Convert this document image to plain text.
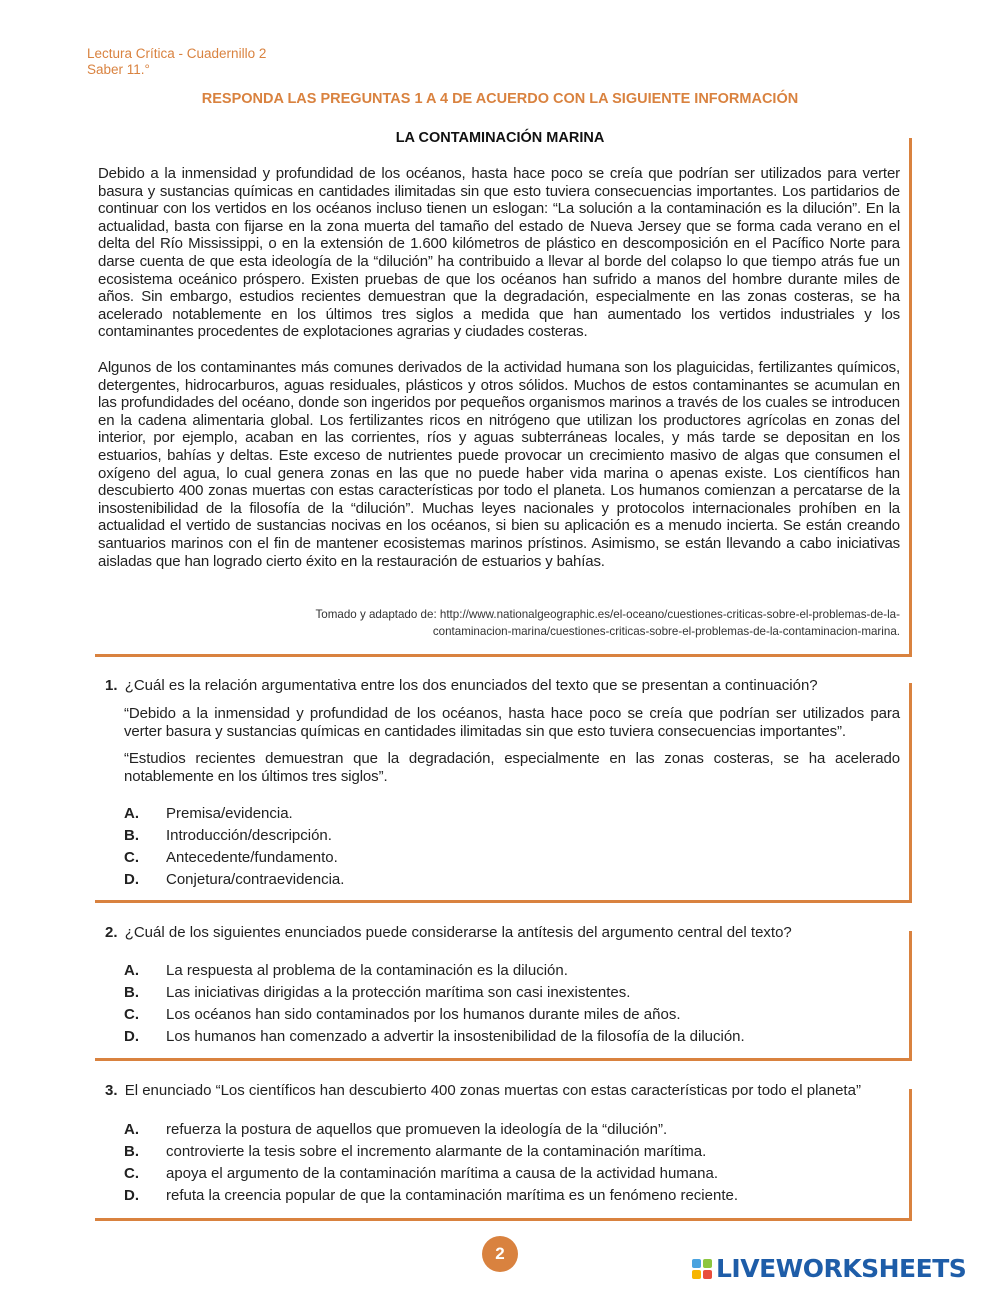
Lectura Crítica - Cuadernillo 2
Saber 11.°
RESPONDA LAS PREGUNTAS 1 A 4 DE ACUERDO CON LA SIGUIENTE INFORMACIÓN
LA CONTAMINACIÓN MARINA

Debido a la inmensidad y profundidad de los océanos, hasta hace poco se creía que podrían ser utilizados para verter basura y sustancias químicas en cantidades ilimitadas sin que esto tuviera consecuencias importantes. Los partidarios de continuar con los vertidos en los océanos incluso tienen un eslogan: “La solución a la contaminación es la dilución”. En la actualidad, basta con fijarse en la zona muerta del tamaño del estado de Nueva Jersey que se forma cada verano en el delta del Río Mississippi, o en la extensión de 1.600 kilómetros de plástico en descomposición en el Pacífico Norte para darse cuenta de que esta ideología de la “dilución” ha contribuido a llevar al borde del colapso lo que tiempo atrás fue un ecosistema oceánico próspero. Existen pruebas de que los océanos han sufrido a manos del hombre durante miles de años. Sin embargo, estudios recientes demuestran que la degradación, especialmente en las zonas costeras, se ha acelerado notablemente en los últimos tres siglos a medida que han aumentado los vertidos industriales y los contaminantes procedentes de explotaciones agrarias y ciudades costeras.

Algunos de los contaminantes más comunes derivados de la actividad humana son los plaguicidas, fertilizantes químicos, detergentes, hidrocarburos, aguas residuales, plásticos y otros sólidos. Muchos de estos contaminantes se acumulan en las profundidades del océano, donde son ingeridos por pequeños organismos marinos a través de los cuales se introducen en la cadena alimentaria global. Los fertilizantes ricos en nitrógeno que utilizan los productores agrícolas en zonas del interior, por ejemplo, acaban en las corrientes, ríos y aguas subterráneas locales, y más tarde se depositan en los estuarios, bahías y deltas. Este exceso de nutrientes puede provocar un crecimiento masivo de algas que consumen el oxígeno del agua, lo cual genera zonas en las que no puede haber vida marina o apenas existe. Los científicos han descubierto 400 zonas muertas con estas características por todo el planeta. Los humanos comienzan a percatarse de la insostenibilidad de la filosofía de la “dilución”. Muchas leyes nacionales y protocolos internacionales prohíben en la actualidad el vertido de sustancias nocivas en los océanos, si bien su aplicación es a menudo incierta. Se están creando santuarios marinos con el fin de mantener ecosistemas marinos prístinos. Asimismo, se están llevando a cabo iniciativas aisladas que han logrado cierto éxito en la restauración de estuarios y bahías.

Tomado y adaptado de: http://www.nationalgeographic.es/el-oceano/cuestiones-criticas-sobre-el-problemas-de-la-
contaminacion-marina/cuestiones-criticas-sobre-el-problemas-de-la-contaminacion-marina.
1. ¿Cuál es la relación argumentativa entre los dos enunciados del texto que se presentan a continuación?

“Debido a la inmensidad y profundidad de los océanos, hasta hace poco se creía que podrían ser utilizados para verter basura y sustancias químicas en cantidades ilimitadas sin que esto tuviera consecuencias importantes”.

“Estudios recientes demuestran que la degradación, especialmente en las zonas costeras, se ha acelerado notablemente en los últimos tres siglos”.

A. Premisa/evidencia.
B. Introducción/descripción.
C. Antecedente/fundamento.
D. Conjetura/contraevidencia.
2. ¿Cuál de los siguientes enunciados puede considerarse la antítesis del argumento central del texto?
A. La respuesta al problema de la contaminación es la dilución.
B. Las iniciativas dirigidas a la protección marítima son casi inexistentes.
C. Los océanos han sido contaminados por los humanos durante miles de años.
D. Los humanos han comenzado a advertir la insostenibilidad de la filosofía de la dilución.
3. El enunciado “Los científicos han descubierto 400 zonas muertas con estas características por todo el planeta”
A. refuerza la postura de aquellos que promueven la ideología de la “dilución”.
B. controvierte la tesis sobre el incremento alarmante de la contaminación marítima.
C. apoya el argumento de la contaminación marítima a causa de la actividad humana.
D. refuta la creencia popular de que la contaminación marítima es un fenómeno reciente.
2
LIVEWORKSHEETS
